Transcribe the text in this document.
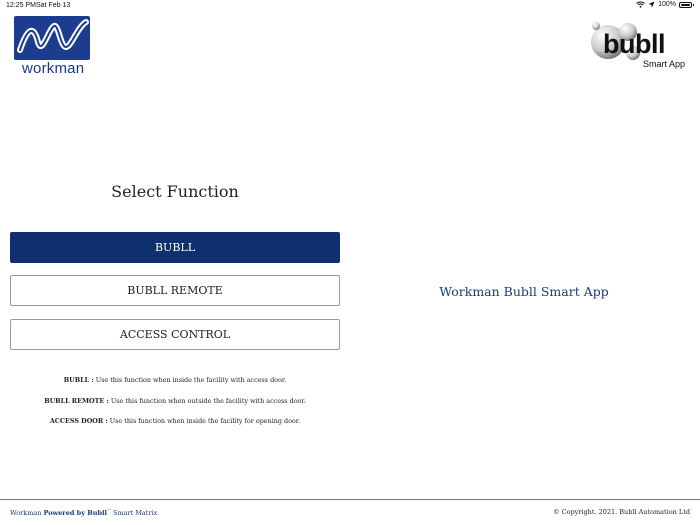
12:25 PM Sat Feb 13	100%
workman
bubll
Smart App
Select Function
BUBLL
BUBLL REMOTE
ACCESS CONTROL
BUBLL : Use this function when inside the facility with access door.
BUBLL REMOTE : Use this function when outside the facility with access door.
ACCESS DOOR : Use this function when inside the facility for opening door.
Workman Bubll Smart App
Workman Powered by Bubll™ Smart Matrix	© Copyright. 2021. Bubll Automation Ltd
